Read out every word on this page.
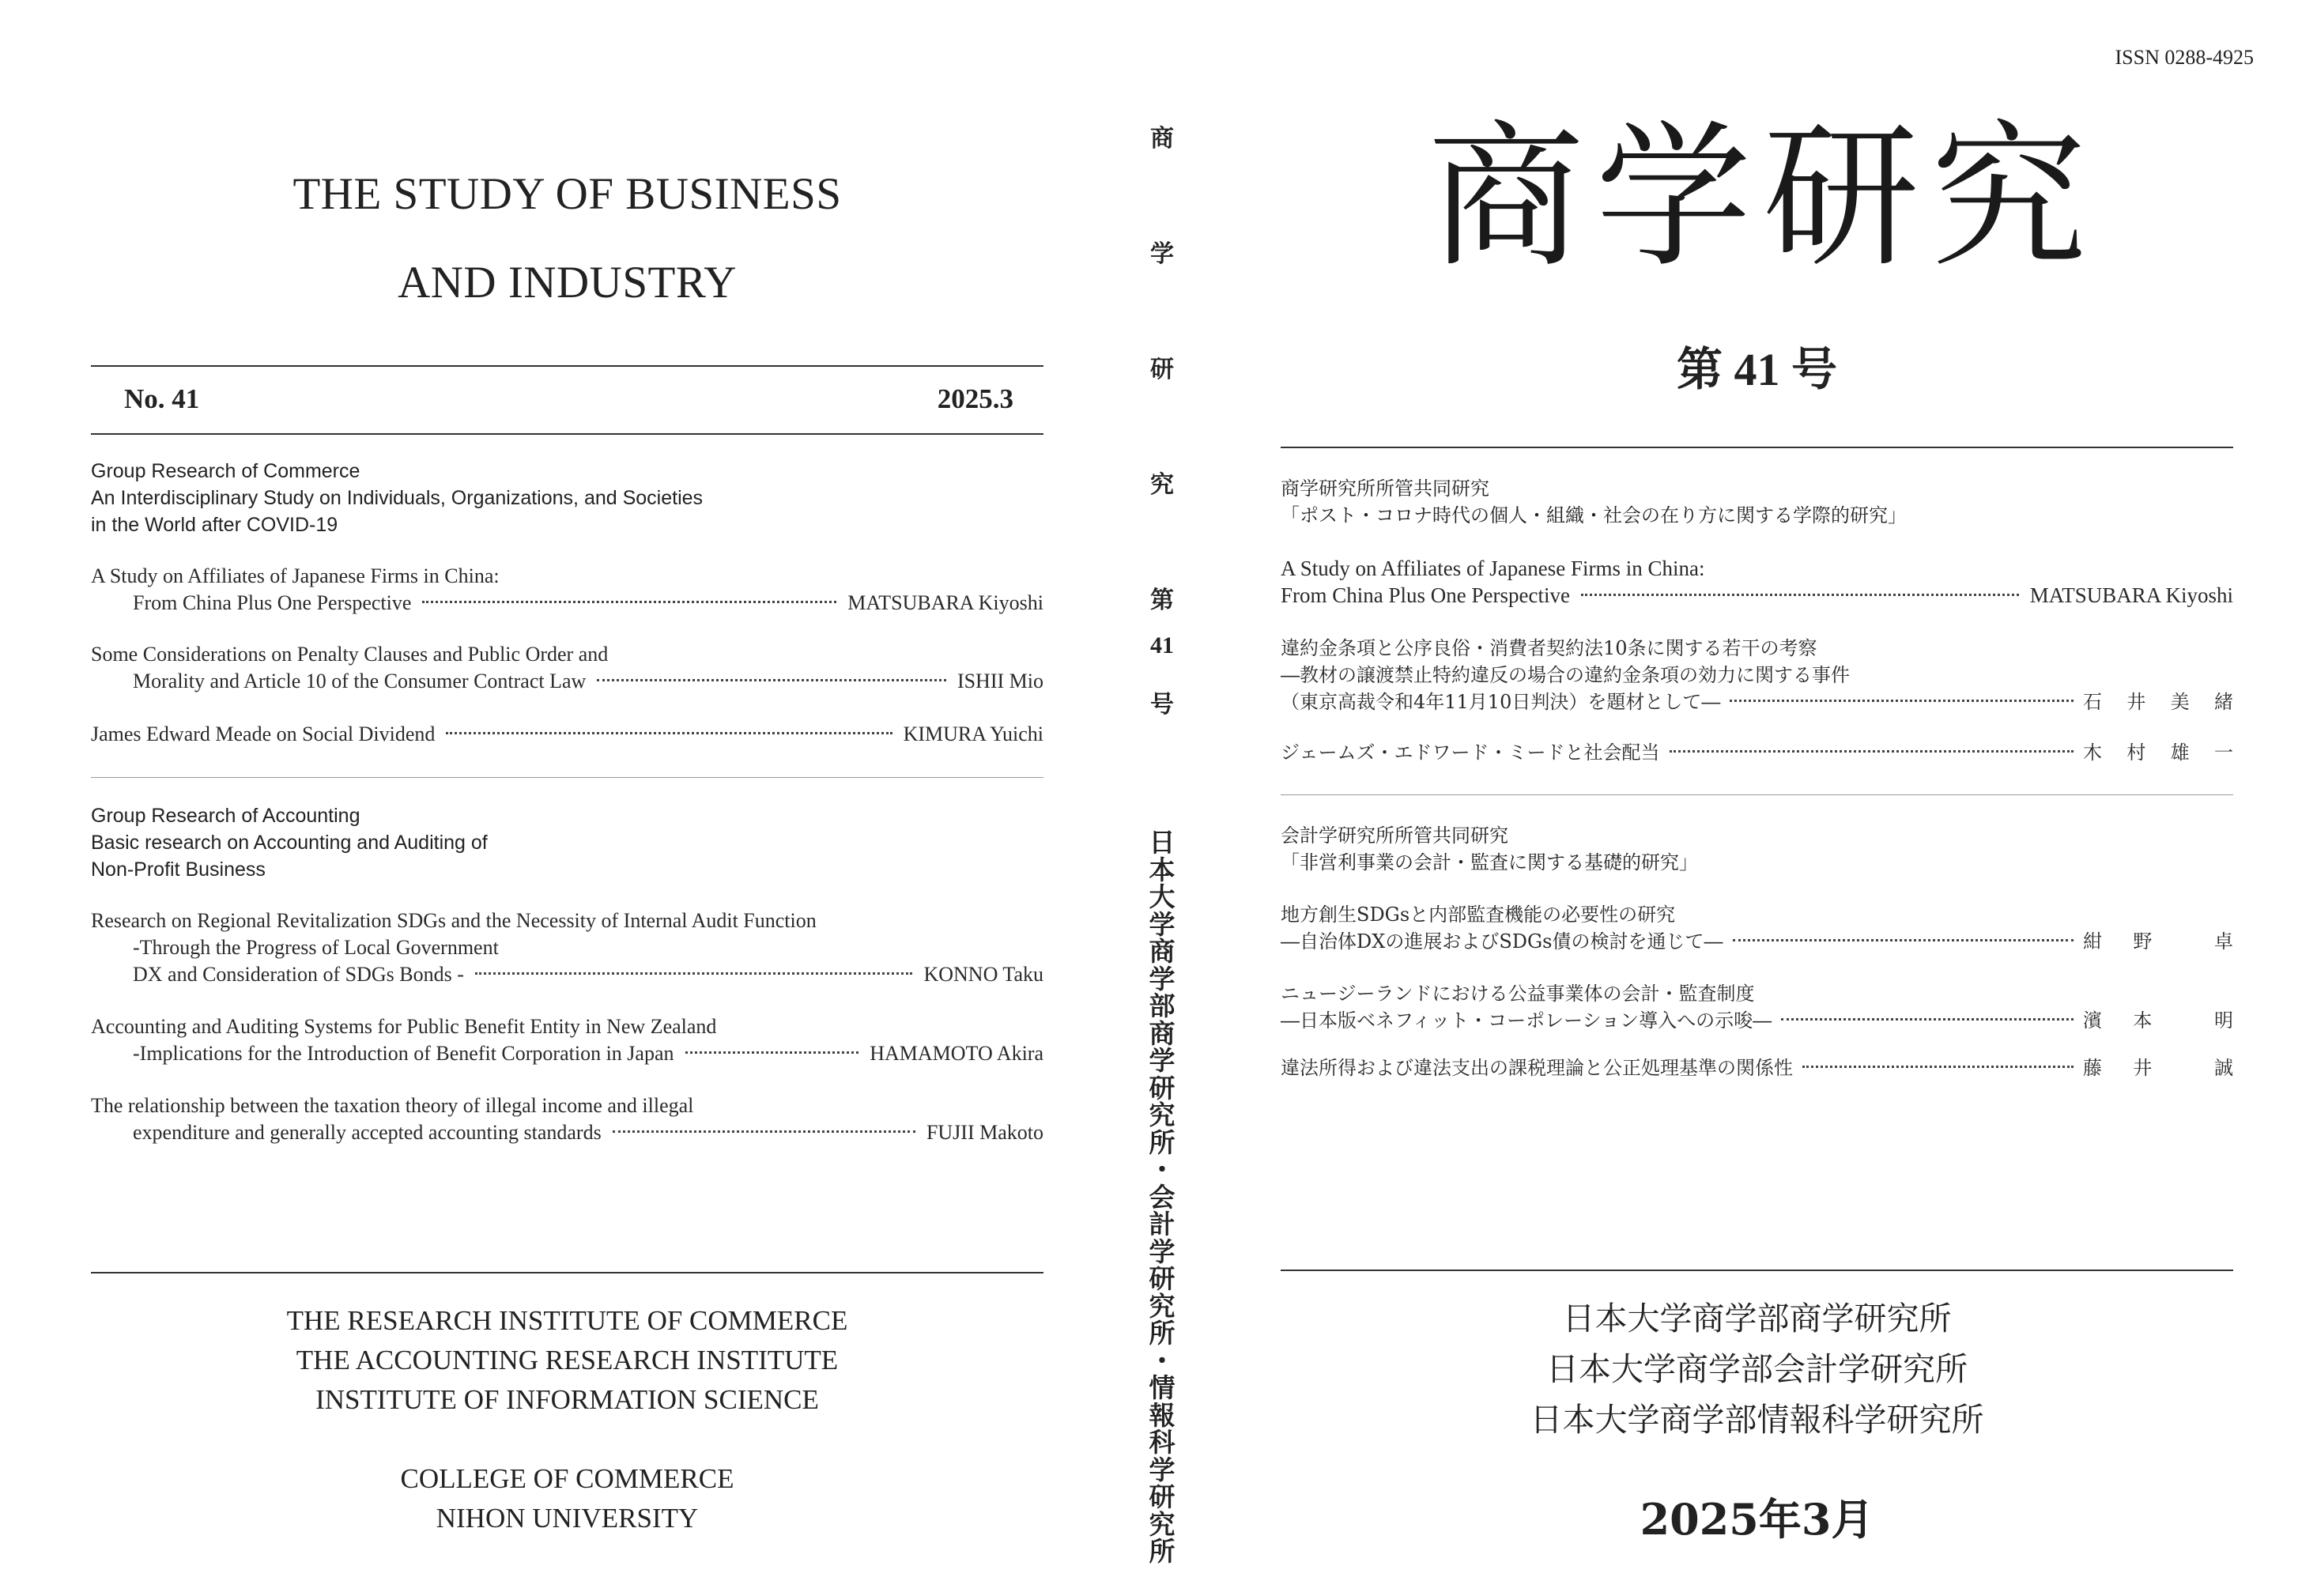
THE STUDY OF BUSINESS
AND INDUSTRY
No. 41	2025.3
Group Research of Commerce
An Interdisciplinary Study on Individuals, Organizations, and Societies
in the World after COVID-19
A Study on Affiliates of Japanese Firms in China:
From China Plus One Perspective	MATSUBARA Kiyoshi
Some Considerations on Penalty Clauses and Public Order and
Morality and Article 10 of the Consumer Contract Law	ISHII Mio
James Edward Meade on Social Dividend	KIMURA Yuichi
Group Research of Accounting
Basic research on Accounting and Auditing of
Non-Profit Business
Research on Regional Revitalization SDGs and the Necessity of Internal Audit Function
-Through the Progress of Local Government
DX and Consideration of SDGs Bonds -	KONNO Taku
Accounting and Auditing Systems for Public Benefit Entity in New Zealand
-Implications for the Introduction of Benefit Corporation in Japan	HAMAMOTO Akira
The relationship between the taxation theory of illegal income and illegal
expenditure and generally accepted accounting standards	FUJII Makoto
THE RESEARCH INSTITUTE OF COMMERCE
THE ACCOUNTING RESEARCH INSTITUTE
INSTITUTE OF INFORMATION SCIENCE
COLLEGE OF COMMERCE
NIHON UNIVERSITY
商
学
研
究
第
41
号
日
本
大
学
商
学
部
商
学
研
究
所
・
会
計
学
研
究
所
・
情
報
科
学
研
究
所
ISSN 0288-4925
商学研究
第 41 号
商学研究所所管共同研究
「ポスト・コロナ時代の個人・組織・社会の在り方に関する学際的研究」
A Study on Affiliates of Japanese Firms in China:
From China Plus One Perspective	MATSUBARA Kiyoshi
違約金条項と公序良俗・消費者契約法10条に関する若干の考察
―教材の譲渡禁止特約違反の場合の違約金条項の効力に関する事件
（東京高裁令和4年11月10日判決）を題材として―	石 井 美 緒
ジェームズ・エドワード・ミードと社会配当	木 村 雄 一
会計学研究所所管共同研究
「非営利事業の会計・監査に関する基礎的研究」
地方創生SDGsと内部監査機能の必要性の研究
―自治体DXの進展およびSDGs債の検討を通じて―	紺 野	卓
ニュージーランドにおける公益事業体の会計・監査制度
―日本版ベネフィット・コーポレーション導入への示唆―	濱 本	明
違法所得および違法支出の課税理論と公正処理基準の関係性	藤 井	誠
日本大学商学部商学研究所
日本大学商学部会計学研究所
日本大学商学部情報科学研究所
2025年3月
